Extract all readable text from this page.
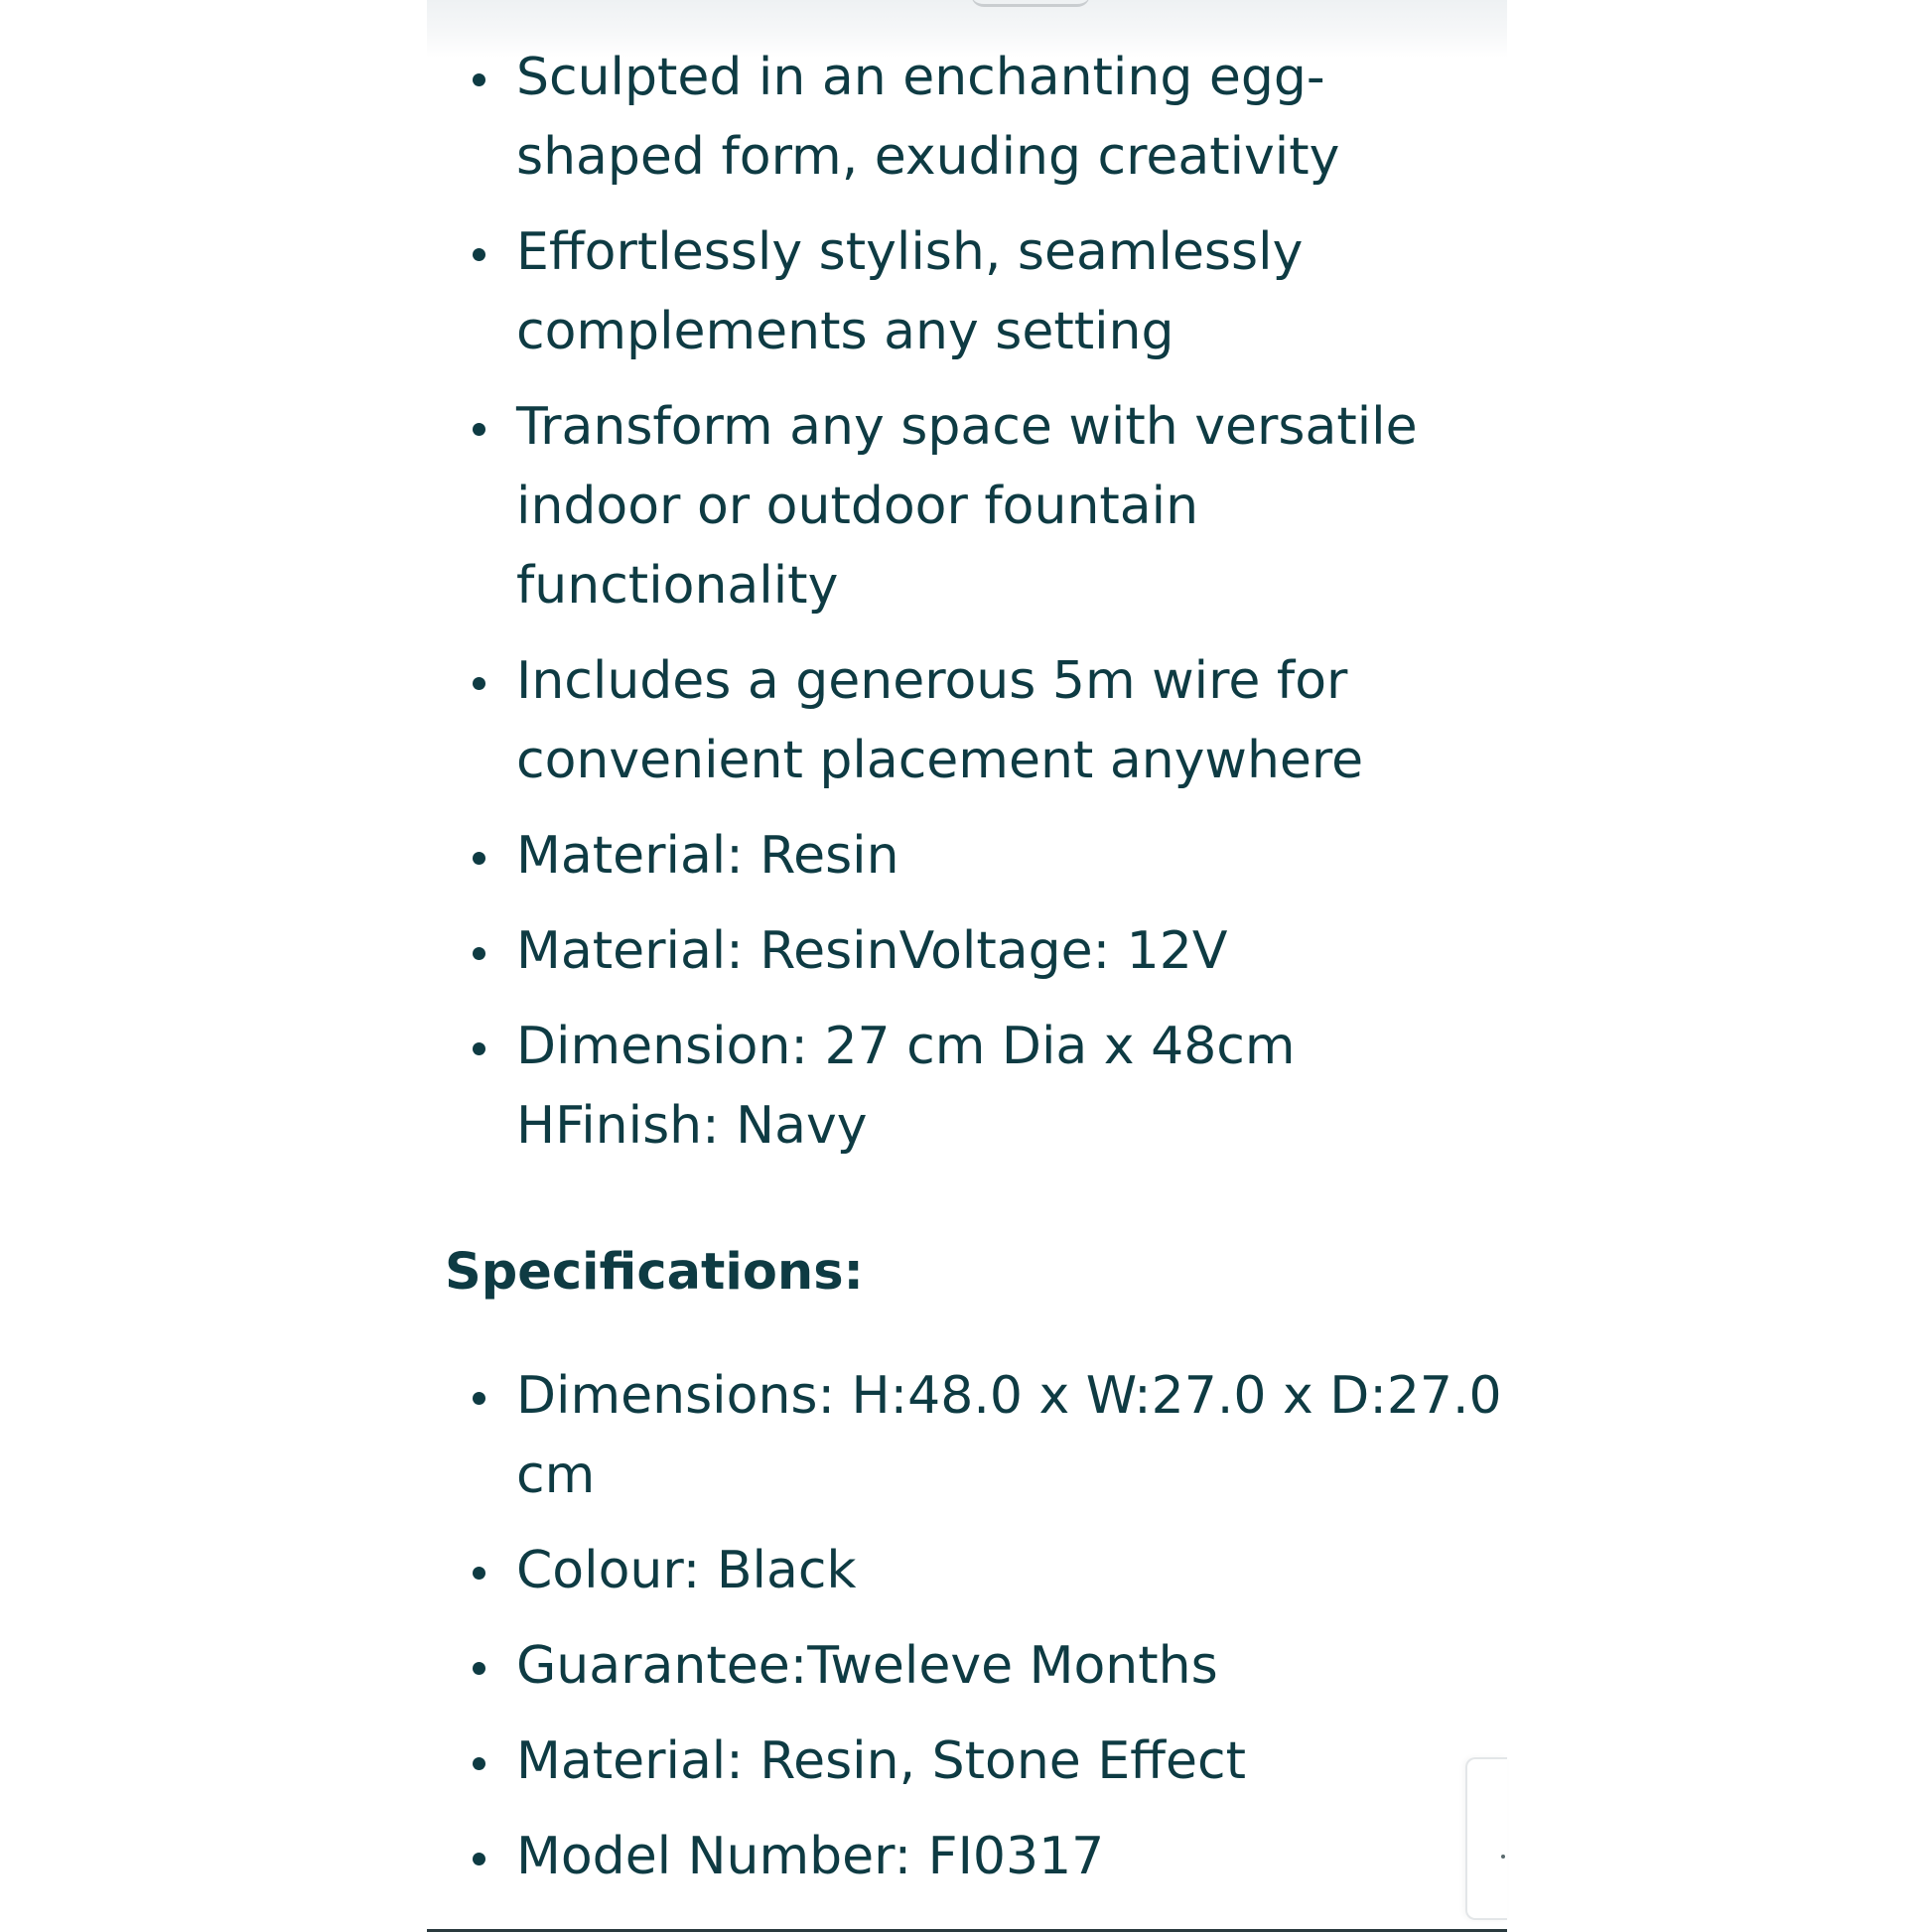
Sculpted in an enchanting egg-shaped form, exuding creativity
Effortlessly stylish, seamlessly complements any setting
Transform any space with versatile indoor or outdoor fountain functionality
Includes a generous 5m wire for convenient placement anywhere
Material: Resin
Material: ResinVoltage: 12V
Dimension: 27 cm Dia x 48cm HFinish: Navy
Specifications:
Dimensions: H:48.0 x W:27.0 x D:27.0 cm
Colour: Black
Guarantee:Tweleve Months
Material: Resin, Stone Effect
Model Number: FI0317
